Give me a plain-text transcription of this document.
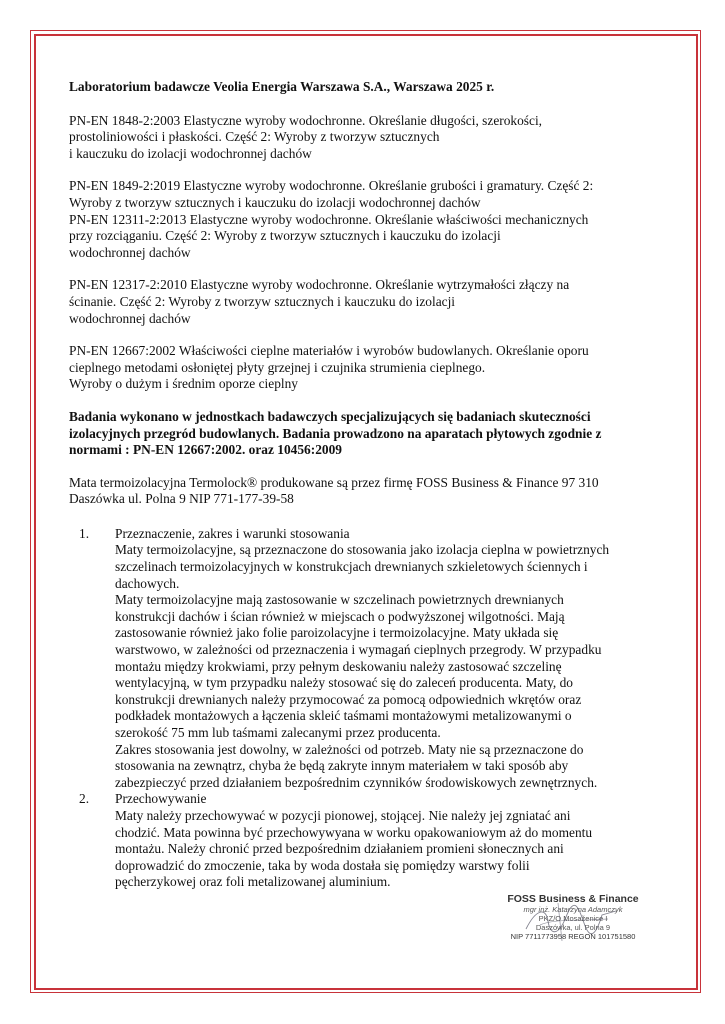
Laboratorium badawcze Veolia Energia Warszawa S.A., Warszawa 2025 r.

PN-EN 1848-2:2003 Elastyczne wyroby wodochronne. Określanie długości, szerokości,
prostoliniowości i płaskości. Część 2: Wyroby z tworzyw sztucznych
i kauczuku do izolacji wodochronnej dachów

PN-EN 1849-2:2019 Elastyczne wyroby wodochronne. Określanie grubości i gramatury. Część 2:
Wyroby z tworzyw sztucznych i kauczuku do izolacji wodochronnej dachów
PN-EN 12311-2:2013 Elastyczne wyroby wodochronne. Określanie właściwości mechanicznych
przy rozciąganiu. Część 2: Wyroby z tworzyw sztucznych i kauczuku do izolacji
wodochronnej dachów

PN-EN 12317-2:2010 Elastyczne wyroby wodochronne. Określanie wytrzymałości złączy na
ścinanie. Część 2: Wyroby z tworzyw sztucznych i kauczuku do izolacji
wodochronnej dachów

PN-EN 12667:2002 Właściwości cieplne materiałów i wyrobów budowlanych. Określanie oporu
cieplnego metodami osłoniętej płyty grzejnej i czujnika strumienia cieplnego.
Wyroby o dużym i średnim oporze cieplny

Badania wykonano w jednostkach badawczych specjalizujących się badaniach skuteczności
izolacyjnych przegród budowlanych. Badania prowadzono na aparatach płytowych zgodnie z
normami : PN-EN 12667:2002. oraz 10456:2009

Mata termoizolacyjna Termolock® produkowane są przez firmę FOSS Business & Finance 97 310
Daszówka ul. Polna 9 NIP 771-177-39-58

1. Przeznaczenie, zakres i warunki stosowania
Maty termoizolacyjne, są przeznaczone do stosowania jako izolacja cieplna w powietrznych
szczelinach termoizolacyjnych w konstrukcjach drewnianych szkieletowych ściennych i
dachowych.
Maty termoizolacyjne mają zastosowanie w szczelinach powietrznych drewnianych
konstrukcji dachów i ścian również w miejscach o podwyższonej wilgotności. Mają
zastosowanie również jako folie paroizolacyjne i termoizolacyjne. Maty układa się
warstwowo, w zależności od przeznaczenia i wymagań cieplnych przegrody. W przypadku
montażu między krokwiami, przy pełnym deskowaniu należy zastosować szczelinę
wentylacyjną, w tym przypadku należy stosować się do zaleceń producenta. Maty, do
konstrukcji drewnianych należy przymocować za pomocą odpowiednich wkrętów oraz
podkładek montażowych a łączenia skleić taśmami montażowymi metalizowanymi o
szerokość 75 mm lub taśmami zalecanymi przez producenta.
Zakres stosowania jest dowolny, w zależności od potrzeb. Maty nie są przeznaczone do
stosowania na zewnątrz, chyba że będą zakryte innym materiałem w taki sposób aby
zabezpieczyć przed działaniem bezpośrednim czynników środowiskowych zewnętrznych.
2. Przechowywanie
Maty należy przechowywać w pozycji pionowej, stojącej. Nie należy jej zgniatać ani
chodzić. Mata powinna być przechowywyana w worku opakowaniowym aż do momentu
montażu. Należy chronić przed bezpośrednim działaniem promieni słonecznych ani
doprowadzić do zmoczenie, taka by woda dostała się pomiędzy warstwy folii
pęcherzykowej oraz foli metalizowanej aluminium.
FOSS Business & Finance
mgr inż. Katarzyna Adamczyk
PKZ/O Mosaženice I
Daszówka, ul. Polna 9
NIP 7711773958 REGON 101751580
